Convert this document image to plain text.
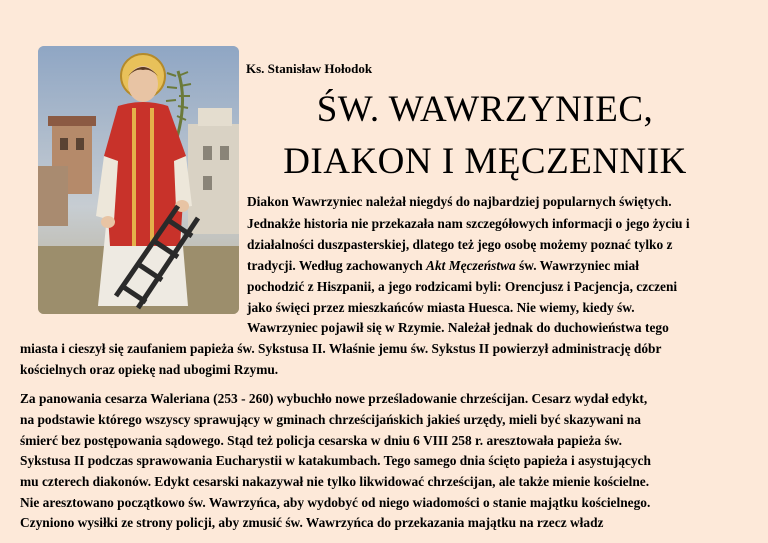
Ks. Stanisław Hołodok
ŚW. WAWRZYNIEC,
DIAKON I MĘCZENNIK
Diakon Wawrzyniec należał niegdyś do najbardziej popularnych świętych.
Jednakże historia nie przekazała nam szczegółowych informacji o jego życiu i
działalności duszpasterskiej, dlatego też jego osobę możemy poznać tylko z
tradycji. Według zachowanych Akt Męczeństwa św. Wawrzyniec miał
pochodzić z Hiszpanii, a jego rodzicami byli: Orencjusz i Pacjencja, czczeni
jako święci przez mieszkańców miasta Huesca. Nie wiemy, kiedy św.
Wawrzyniec pojawił się w Rzymie. Należał jednak do duchowieństwa tego
miasta i cieszył się zaufaniem papieża św. Sykstusa II. Właśnie jemu św. Sykstus II powierzył administrację dóbr
kościelnych oraz opiekę nad ubogimi Rzymu.
Za panowania cesarza Waleriana (253 - 260) wybuchło nowe prześladowanie chrześcijan. Cesarz wydał edykt,
na podstawie którego wszyscy sprawujący w gminach chrześcijańskich jakieś urzędy, mieli być skazywani na
śmierć bez postępowania sądowego. Stąd też policja cesarska w dniu 6 VIII 258 r. aresztowała papieża św.
Sykstusa II podczas sprawowania Eucharystii w katakumbach. Tego samego dnia ścięto papieża i asystujących
mu czterech diakonów. Edykt cesarski nakazywał nie tylko likwidować chrześcijan, ale także mienie kościelne.
Nie aresztowano początkowo św. Wawrzyńca, aby wydobyć od niego wiadomości o stanie majątku kościelnego.
Czyniono wysiłki ze strony policji, aby zmusić św. Wawrzyńca do przekazania majątku na rzecz władz
